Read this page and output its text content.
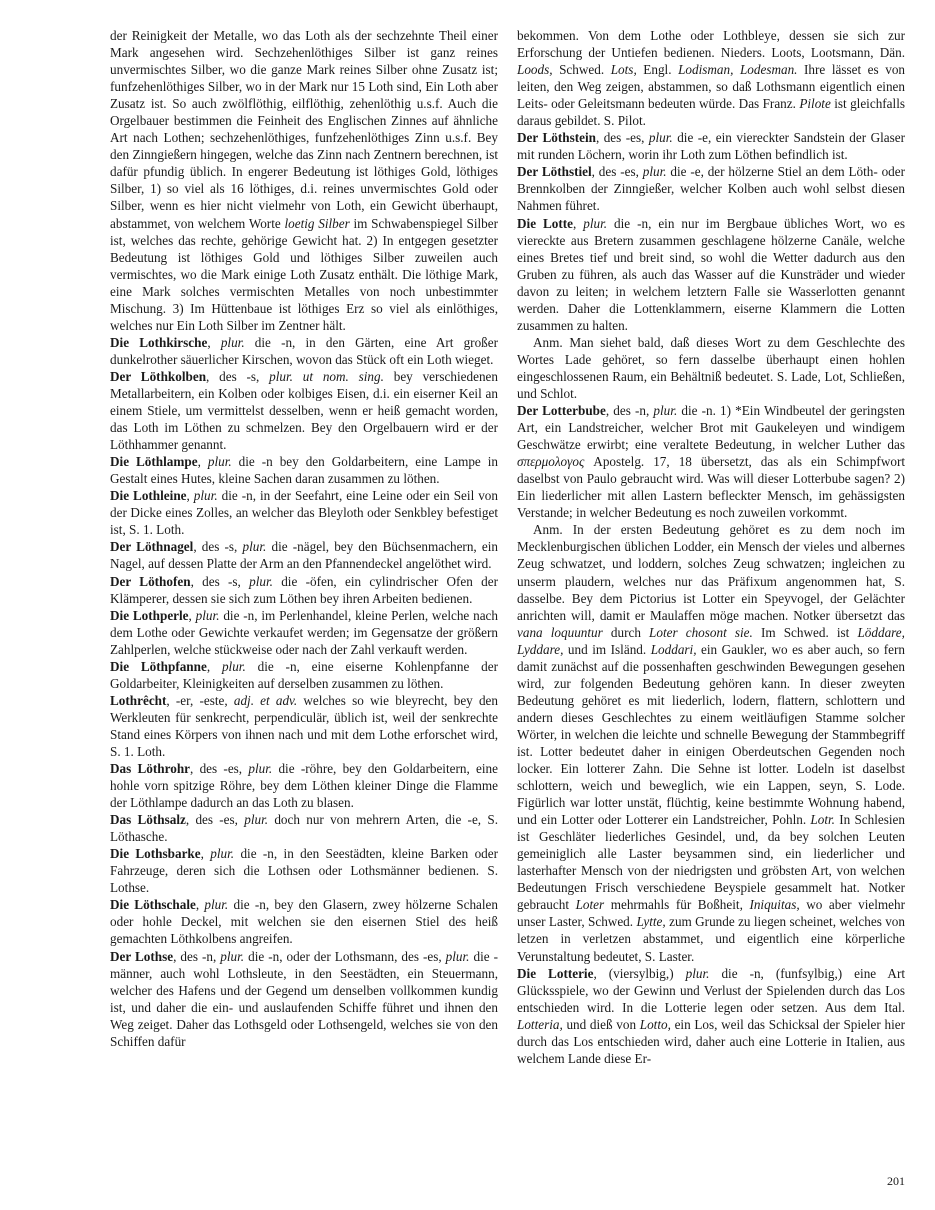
der Reinigkeit der Metalle, wo das Loth als der sechzehnte Theil einer Mark angesehen wird. Sechzehenlöthiges Silber ist ganz reines unvermischtes Silber, wo die ganze Mark reines Silber ohne Zusatz ist; funfzehenlöthiges Silber, wo in der Mark nur 15 Loth sind, Ein Loth aber Zusatz ist. So auch zwölflöthig, eilflöthig, zehenlöthig u.s.f. Auch die Orgelbauer bestimmen die Feinheit des Englischen Zinnes auf ähnliche Art nach Lothen; sechzehenlöthiges, funfzehenlöthiges Zinn u.s.f. Bey den Zinngießern hingegen, welche das Zinn nach Zentnern berechnen, ist dafür pfundig üblich. In engerer Bedeutung ist löthiges Gold, löthiges Silber, 1) so viel als 16 löthiges, d.i. reines unvermischtes Gold oder Silber, wenn es hier nicht vielmehr von Loth, ein Gewicht überhaupt, abstammet, von welchem Worte loetig Silber im Schwabenspiegel Silber ist, welches das rechte, gehörige Gewicht hat. 2) In entgegen gesetzter Bedeutung ist löthiges Gold und löthiges Silber zuweilen auch vermischtes, wo die Mark einige Loth Zusatz enthält. Die löthige Mark, eine Mark solches vermischten Metalles von noch unbestimmter Mischung. 3) Im Hüttenbaue ist löthiges Erz so viel als einlöthiges, welches nur Ein Loth Silber im Zentner hält.

Die Lothkirsche, plur. die -n, in den Gärten, eine Art großer dunkelrother säuerlicher Kirschen, wovon das Stück oft ein Loth wieget.

Der Löthkolben, des -s, plur. ut nom. sing. bey verschiedenen Metallarbeitern, ein Kolben oder kolbiges Eisen, d.i. ein eiserner Keil an einem Stiele, um vermittelst desselben, wenn er heiß gemacht worden, das Loth im Löthen zu schmelzen. Bey den Orgelbauern wird er der Löthhammer genannt.

Die Löthlampe, plur. die -n bey den Goldarbeitern, eine Lampe in Gestalt eines Hutes, kleine Sachen daran zusammen zu löthen.

Die Lothleine, plur. die -n, in der Seefahrt, eine Leine oder ein Seil von der Dicke eines Zolles, an welcher das Bleyloth oder Senkbley befestiget ist, S. 1. Loth.

Der Löthnagel, des -s, plur. die -nägel, bey den Büchsenmachern, ein Nagel, auf dessen Platte der Arm an den Pfannendeckel angelöthet wird.

Der Löthofen, des -s, plur. die -öfen, ein cylindrischer Ofen der Klämperer, dessen sie sich zum Löthen bey ihren Arbeiten bedienen.

Die Lothperle, plur. die -n, im Perlenhandel, kleine Perlen, welche nach dem Lothe oder Gewichte verkaufet werden; im Gegensatze der größern Zahlperlen, welche stückweise oder nach der Zahl verkauft werden.

Die Löthpfanne, plur. die -n, eine eiserne Kohlenpfanne der Goldarbeiter, Kleinigkeiten auf derselben zusammen zu löthen.

Lothrêcht, -er, -este, adj. et adv. welches so wie bleyrecht, bey den Werkleuten für senkrecht, perpendiculär, üblich ist, weil der senkrechte Stand eines Körpers von ihnen nach und mit dem Lothe erforschet wird, S. 1. Loth.

Das Löthrohr, des -es, plur. die -röhre, bey den Goldarbeitern, eine hohle vorn spitzige Röhre, bey dem Löthen kleiner Dinge die Flamme der Löthlampe dadurch an das Loth zu blasen.

Das Löthsalz, des -es, plur. doch nur von mehrern Arten, die -e, S. Löthasche.

Die Lothsbarke, plur. die -n, in den Seestädten, kleine Barken oder Fahrzeuge, deren sich die Lothsen oder Lothsmänner bedienen. S. Lothse.

Die Löthschale, plur. die -n, bey den Glasern, zwey hölzerne Schalen oder hohle Deckel, mit welchen sie den eisernen Stiel des heiß gemachten Löthkolbens angreifen.

Der Lothse, des -n, plur. die -n, oder der Lothsmann, des -es, plur. die -männer, auch wohl Lothsleute, in den Seestädten, ein Steuermann, welcher des Hafens und der Gegend um denselben vollkommen kundig ist, und daher die ein- und auslaufenden Schiffe führet und ihnen den Weg zeiget. Daher das Lothsgeld oder Lothsengeld, welches sie von den Schiffen dafür

bekommen. Von dem Lothe oder Lothbleye, dessen sie sich zur Erforschung der Untiefen bedienen. Nieders. Loots, Lootsmann, Dän. Loods, Schwed. Lots, Engl. Lodisman, Lodesman. Ihre lässet es von leiten, den Weg zeigen, abstammen, so daß Lothsmann eigentlich einen Leits- oder Geleitsmann bedeuten würde. Das Franz. Pilote ist gleichfalls daraus gebildet. S. Pilot.

Der Löthstein, des -es, plur. die -e, ein viereckter Sandstein der Glaser mit runden Löchern, worin ihr Loth zum Löthen befindlich ist.

Der Löthstiel, des -es, plur. die -e, der hölzerne Stiel an dem Löth- oder Brennkolben der Zinngießer, welcher Kolben auch wohl selbst diesen Nahmen führet.

Die Lotte, plur. die -n, ein nur im Bergbaue übliches Wort, wo es viereckte aus Bretern zusammen geschlagene hölzerne Canäle, welche eines Bretes tief und breit sind, so wohl die Wetter dadurch aus den Gruben zu führen, als auch das Wasser auf die Kunsträder und wieder davon zu leiten; in welchem letztern Falle sie Wasserlotten genannt werden. Daher die Lottenklammern, eiserne Klammern die Lotten zusammen zu halten.

Anm. Man siehet bald, daß dieses Wort zu dem Geschlechte des Wortes Lade gehöret, so fern dasselbe überhaupt einen hohlen eingeschlossenen Raum, ein Behältniß bedeutet. S. Lade, Lot, Schließen, und Schlot.

Der Lotterbube, des -n, plur. die -n. 1) *Ein Windbeutel der geringsten Art, ein Landstreicher, welcher Brot mit Gaukeleyen und windigem Geschwätze erwirbt; eine veraltete Bedeutung, in welcher Luther das σπερμολογος Apostelg. 17, 18 übersetzt, das als ein Schimpfwort daselbst von Paulo gebraucht wird. Was will dieser Lotterbube sagen? 2) Ein liederlicher mit allen Lastern befleckter Mensch, im gehässigsten Verstande; in welcher Bedeutung es noch zuweilen vorkommt.

Anm. In der ersten Bedeutung gehöret es zu dem noch im Mecklenburgischen üblichen Lodder, ein Mensch der vieles und albernes Zeug schwatzet, und loddern, solches Zeug schwatzen; ingleichen zu unserm plaudern, welches nur das Präfixum angenommen hat, S. dasselbe. Bey dem Pictorius ist Lotter ein Speyvogel, der Gelächter anrichten will, damit er Maulaffen möge machen. Notker übersetzt das vana loquuntur durch Loter chosont sie. Im Schwed. ist Löddare, Lyddare, und im Isländ. Loddari, ein Gaukler, wo es aber auch, so fern damit zunächst auf die possenhaften geschwinden Bewegungen gesehen wird, zur folgenden Bedeutung gehören kann. In dieser zweyten Bedeutung gehöret es mit liederlich, lodern, flattern, schlottern und andern dieses Geschlechtes zu einem weitläufigen Stamme solcher Wörter, in welchen die leichte und schnelle Bewegung der Stammbegriff ist. Lotter bedeutet daher in einigen Oberdeutschen Gegenden noch locker. Ein lotterer Zahn. Die Sehne ist lotter. Lodeln ist daselbst schlottern, weich und beweglich, wie ein Lappen, seyn, S. Lode. Figürlich war lotter unstät, flüchtig, keine bestimmte Wohnung habend, und ein Lotter oder Lotterer ein Landstreicher, Pohln. Lotr. In Schlesien ist Geschläter liederliches Gesindel, und, da bey solchen Leuten gemeiniglich alle Laster beysammen sind, ein liederlicher und lasterhafter Mensch von der niedrigsten und gröbsten Art, von welchen Bedeutungen Frisch verschiedene Beyspiele gesammelt hat. Notker gebraucht Loter mehrmahls für Boßheit, Iniquitas, wo aber vielmehr unser Laster, Schwed. Lytte, zum Grunde zu liegen scheinet, welches von letzen in verletzen abstammet, und eigentlich eine körperliche Verunstaltung bedeutet, S. Laster.

Die Lotterie, (viersylbig,) plur. die -n, (funfsylbig,) eine Art Glücksspiele, wo der Gewinn und Verlust der Spielenden durch das Los entschieden wird. In die Lotterie legen oder setzen. Aus dem Ital. Lotteria, und dieß von Lotto, ein Los, weil das Schicksal der Spieler hier durch das Los entschieden wird, daher auch eine Lotterie in Italien, aus welchem Lande diese Er-

201
